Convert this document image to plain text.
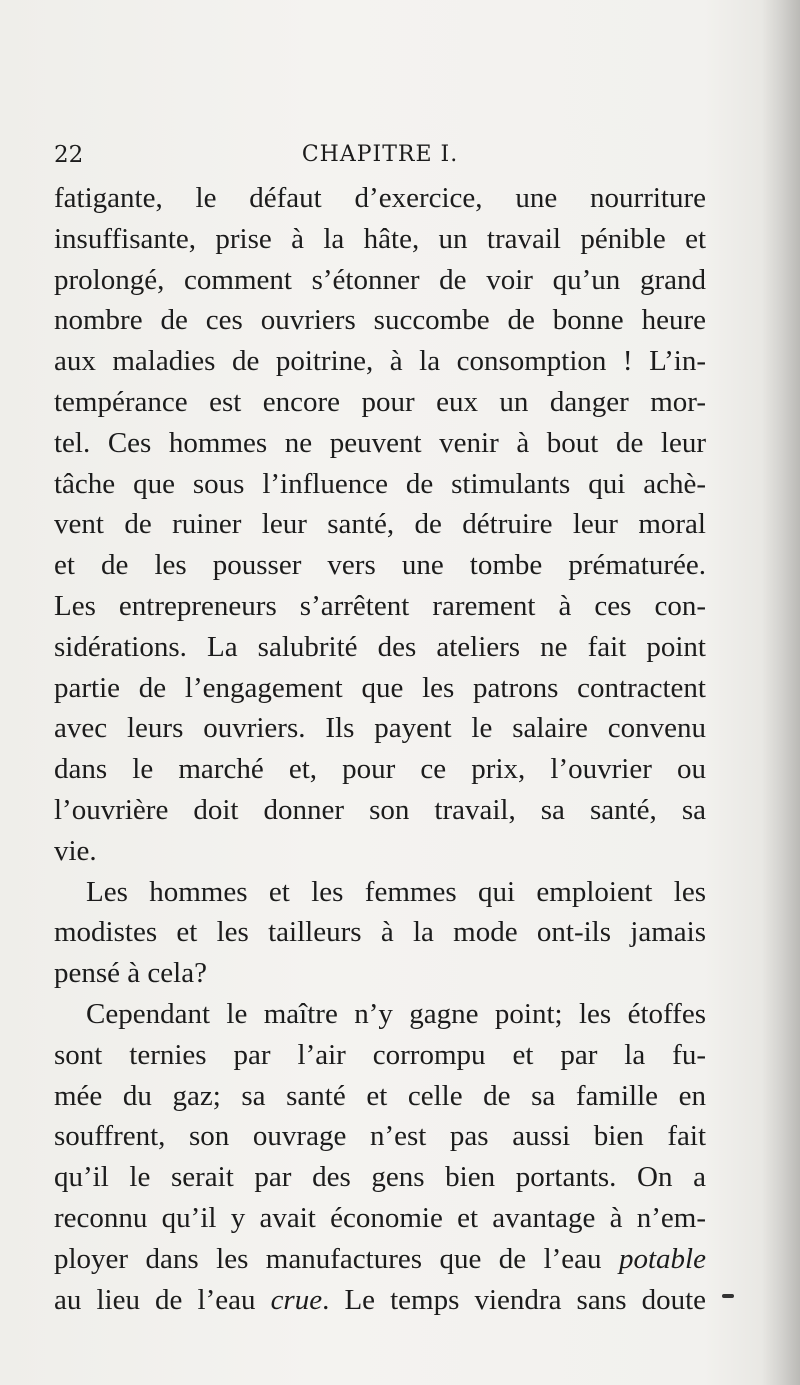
22	CHAPITRE I.
fatigante, le défaut d’exercice, une nourriture
insuffisante, prise à la hâte, un travail pénible et
prolongé, comment s’étonner de voir qu’un grand
nombre de ces ouvriers succombe de bonne heure
aux maladies de poitrine, à la consomption ! L’in-
tempérance est encore pour eux un danger mor-
tel. Ces hommes ne peuvent venir à bout de leur
tâche que sous l’influence de stimulants qui achè-
vent de ruiner leur santé, de détruire leur moral
et de les pousser vers une tombe prématurée.
Les entrepreneurs s’arrêtent rarement à ces con-
sidérations. La salubrité des ateliers ne fait point
partie de l’engagement que les patrons contractent
avec leurs ouvriers. Ils payent le salaire convenu
dans le marché et, pour ce prix, l’ouvrier ou
l’ouvrière doit donner son travail, sa santé, sa
vie.
Les hommes et les femmes qui emploient les
modistes et les tailleurs à la mode ont-ils jamais
pensé à cela?
Cependant le maître n’y gagne point; les étoffes
sont ternies par l’air corrompu et par la fu-
mée du gaz; sa santé et celle de sa famille en
souffrent, son ouvrage n’est pas aussi bien fait
qu’il le serait par des gens bien portants. On a
reconnu qu’il y avait économie et avantage à n’em-
ployer dans les manufactures que de l’eau potable
au lieu de l’eau crue. Le temps viendra sans doute
